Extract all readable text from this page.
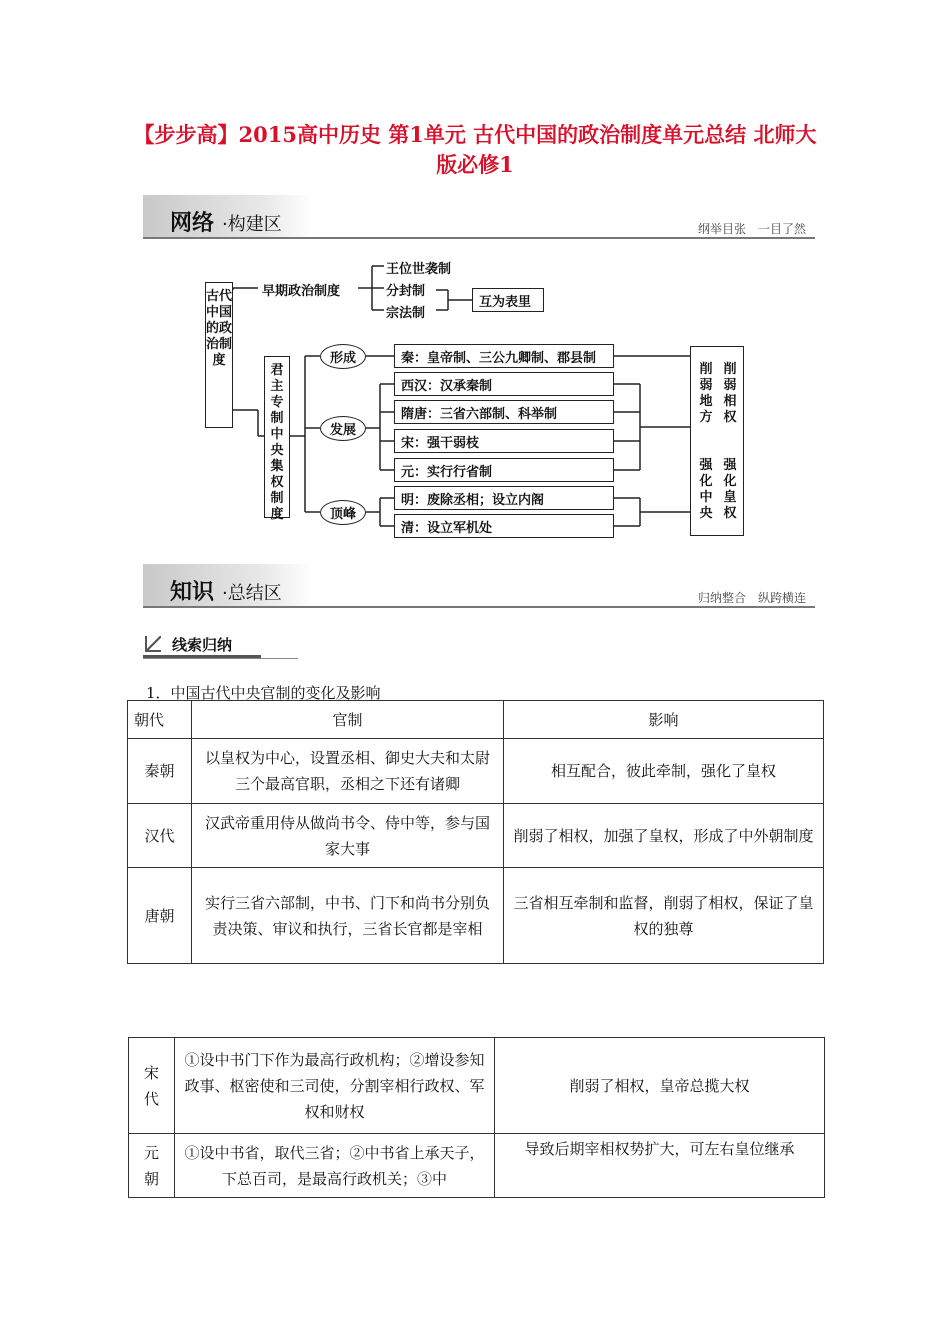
【步步高】2015高中历史 第1单元 古代中国的政治制度单元总结 北师大版必修1
网络 ·构建区	纲举目张　一目了然
古代中国的政治制度
早期政治制度
王位世袭制
分封制
宗法制
互为表里
君主专制中央集权制度
形成
发展
顶峰
秦：皇帝制、三公九卿制、郡县制
西汉：汉承秦制
隋唐：三省六部制、科举制
宋：强干弱枝
元：实行行省制
明：废除丞相；设立内阁
清：设立军机处
削弱地方
削弱相权
强化中央
强化皇权
知识 ·总结区	归纳整合　纵跨横连
线索归纳
1．中国古代中央官制的变化及影响
朝代	官制	影响
秦朝	以皇权为中心，设置丞相、御史大夫和太尉三个最高官职，丞相之下还有诸卿	相互配合，彼此牵制，强化了皇权
汉代	汉武帝重用侍从做尚书令、侍中等，参与国家大事	削弱了相权，加强了皇权，形成了中外朝制度
唐朝	实行三省六部制，中书、门下和尚书分别负责决策、审议和执行，三省长官都是宰相	三省相互牵制和监督，削弱了相权，保证了皇权的独尊
宋代	①设中书门下作为最高行政机构；②增设参知政事、枢密使和三司使，分割宰相行政权、军权和财权	削弱了相权，皇帝总揽大权
元朝	①设中书省，取代三省；②中书省上承天子，下总百司，是最高行政机关；③中	导致后期宰相权势扩大，可左右皇位继承
